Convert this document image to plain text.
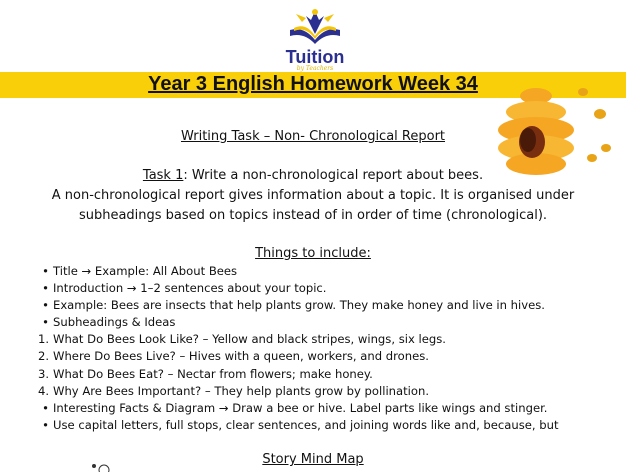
Tuition
by Teachers
Year 3 English Homework Week 34
Writing Task – Non- Chronological Report
Task 1: Write a non-chronological report about bees.
A non-chronological report gives information about a topic. It is organised under
subheadings based on topics instead of in order of time (chronological).
Things to include:
• Title → Example: All About Bees
• Introduction → 1–2 sentences about your topic.
• Example: Bees are insects that help plants grow. They make honey and live in hives.
• Subheadings & Ideas
1. What Do Bees Look Like? – Yellow and black stripes, wings, six legs.
2. Where Do Bees Live? – Hives with a queen, workers, and drones.
3. What Do Bees Eat? – Nectar from flowers; make honey.
4. Why Are Bees Important? – They help plants grow by pollination.
• Interesting Facts & Diagram → Draw a bee or hive. Label parts like wings and stinger.
• Use capital letters, full stops, clear sentences, and joining words like and, because, but
Story Mind Map
